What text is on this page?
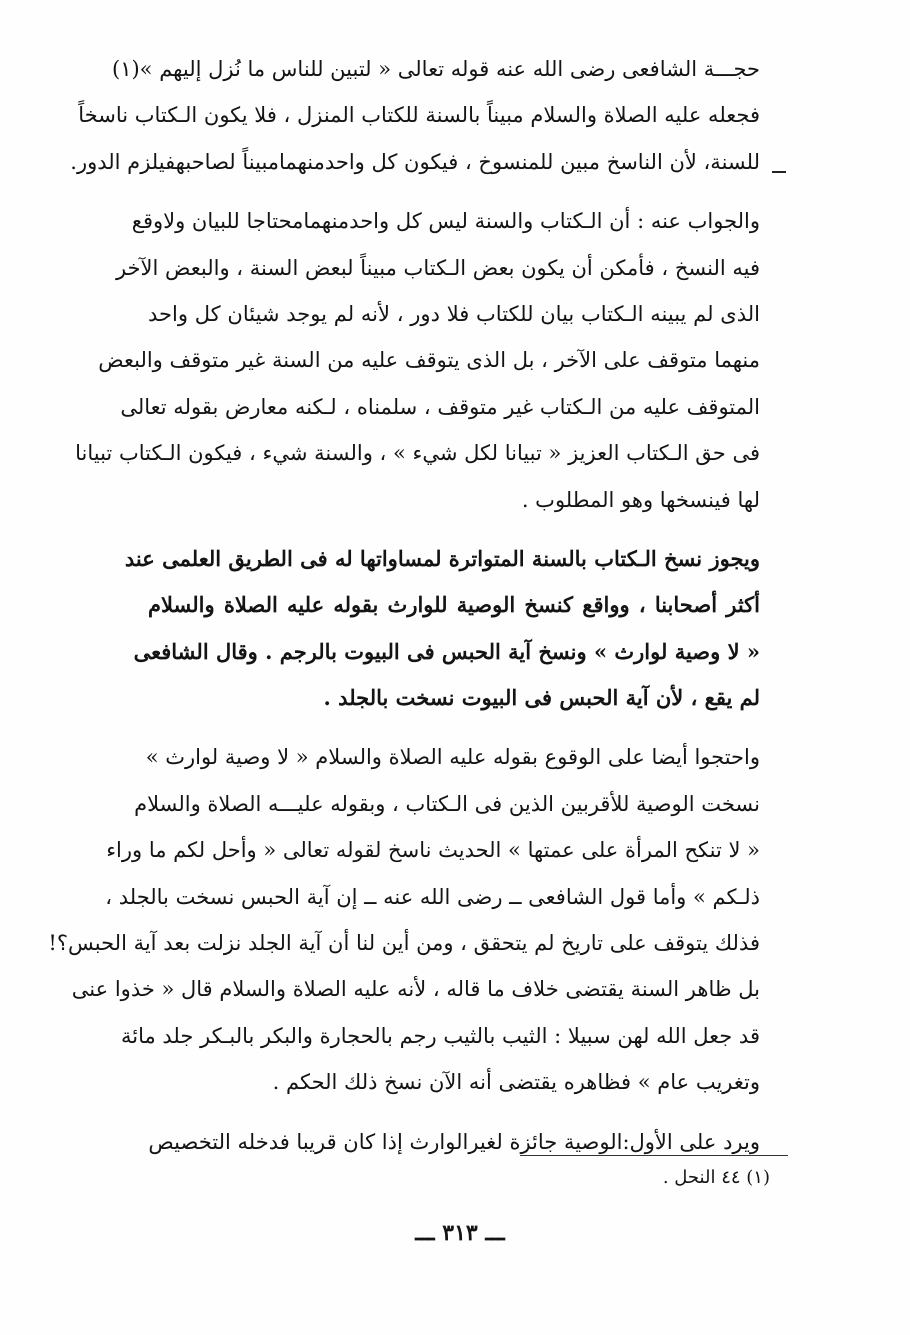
حجـــة الشافعى رضى الله عنه قوله تعالى « لتبين للناس ما نُزل إليهم »(١)
فجعله عليه الصلاة والسلام مبيناً بالسنة للكتاب المنزل ، فلا يكون الـكتاب ناسخاً
للسنة، لأن الناسخ مبين للمنسوخ ، فيكون كل واحدمنهمامبيناً لصاحبهفيلزم الدور.
والجواب عنه : أن الـكتاب والسنة ليس كل واحدمنهمامحتاجا للبيان ولاوقع
فيه النسخ ، فأمكن أن يكون بعض الـكتاب مبيناً لبعض السنة ، والبعض الآخر
الذى لم يبينه الـكتاب بيان للكتاب فلا دور ، لأنه لم يوجد شيئان كل واحد
منهما متوقف على الآخر ، بل الذى يتوقف عليه من السنة غير متوقف والبعض
المتوقف عليه من الـكتاب غير متوقف ، سلمناه ، لـكنه معارض بقوله تعالى
فى حق الـكتاب العزيز « تبيانا لكل شيء » ، والسنة شيء ، فيكون الـكتاب تبيانا
لها فينسخها وهو المطلوب .
ويجوز نسخ الـكتاب بالسنة المتواترة لمساواتها له فى الطريق العلمى عند
أكثر أصحابنا ، وواقع كنسخ الوصية للوارث بقوله عليه الصلاة والسلام
« لا وصية لوارث » ونسخ آية الحبس فى البيوت بالرجم . وقال الشافعى
لم يقع ، لأن آية الحبس فى البيوت نسخت بالجلد .
واحتجوا أيضا على الوقوع بقوله عليه الصلاة والسلام « لا وصية لوارث »
نسخت الوصية للأقربين الذين فى الـكتاب ، وبقوله عليـــه الصلاة والسلام
« لا تنكح المرأة على عمتها » الحديث ناسخ لقوله تعالى « وأحل لكم ما وراء
ذلـكم » وأما قول الشافعى ــ رضى الله عنه ــ إن آية الحبس نسخت بالجلد ،
فذلك يتوقف على تاريخ لم يتحقق ، ومن أين لنا أن آية الجلد نزلت بعد آية الحبس؟!
بل ظاهر السنة يقتضى خلاف ما قاله ، لأنه عليه الصلاة والسلام قال « خذوا عنى
قد جعل الله لهن سبيلا : الثيب بالثيب رجم بالحجارة والبكر بالبـكر جلد مائة
وتغريب عام » فظاهره يقتضى أنه الآن نسخ ذلك الحكم .
ويرد على الأول:الوصية جائزة لغيرالوارث إذا كان قريبا فدخله التخصيص
(١) ٤٤ النحل .
ـــ ٣١٣ ـــ
